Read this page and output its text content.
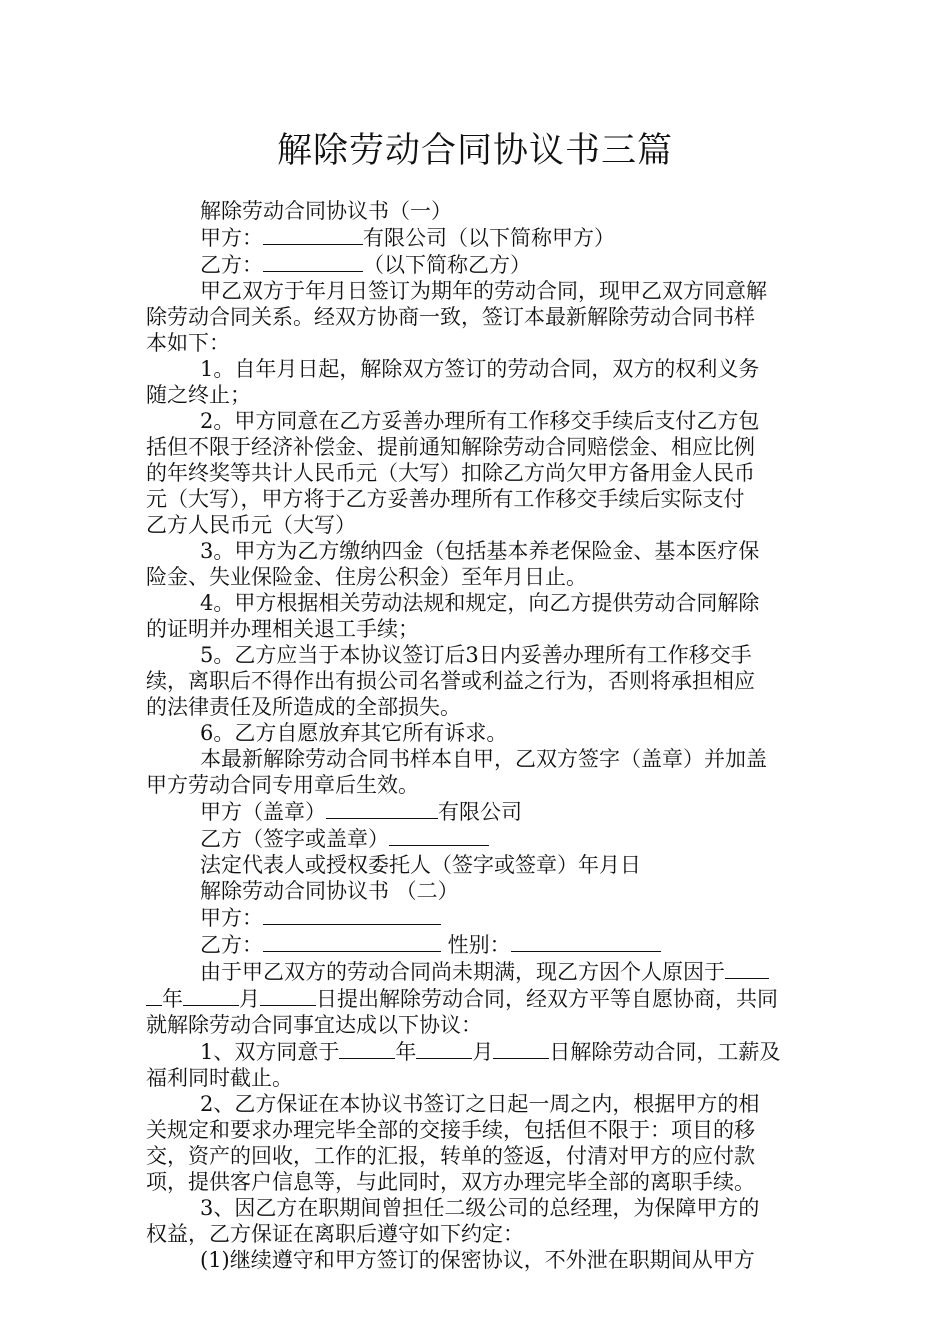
解除劳动合同协议书三篇

解除劳动合同协议书（一）

甲方：	有限公司（以下简称甲方）

乙方：	（以下简称乙方）

甲乙双方于年月日签订为期年的劳动合同，现甲乙双方同意解

除劳动合同关系。经双方协商一致，签订本最新解除劳动合同书样

本如下：

1。自年月日起，解除双方签订的劳动合同，双方的权利义务

随之终止；

2。甲方同意在乙方妥善办理所有工作移交手续后支付乙方包

括但不限于经济补偿金、提前通知解除劳动合同赔偿金、相应比例

的年终奖等共计人民币元（大写）扣除乙方尚欠甲方备用金人民币

元（大写），甲方将于乙方妥善办理所有工作移交手续后实际支付

乙方人民币元（大写）

3。甲方为乙方缴纳四金（包括基本养老保险金、基本医疗保

险金、失业保险金、住房公积金）至年月日止。

4。甲方根据相关劳动法规和规定，向乙方提供劳动合同解除

的证明并办理相关退工手续；

5。乙方应当于本协议签订后3日内妥善办理所有工作移交手

续，离职后不得作出有损公司名誉或利益之行为，否则将承担相应

的法律责任及所造成的全部损失。

6。乙方自愿放弃其它所有诉求。

本最新解除劳动合同书样本自甲，乙双方签字（盖章）并加盖

甲方劳动合同专用章后生效。

甲方（盖章）	有限公司

乙方（签字或盖章）

法定代表人或授权委托人（签字或签章）年月日

解除劳动合同协议书 （二）

甲方：

乙方：	性别：

由于甲乙双方的劳动合同尚未期满，现乙方因个人原因于

年	月	日提出解除劳动合同，经双方平等自愿协商，共同

就解除劳动合同事宜达成以下协议：

1、双方同意于	年	月	日解除劳动合同，工薪及

福利同时截止。

2、乙方保证在本协议书签订之日起一周之内，根据甲方的相

关规定和要求办理完毕全部的交接手续，包括但不限于：项目的移

交，资产的回收，工作的汇报，转单的签返，付清对甲方的应付款

项，提供客户信息等，与此同时，双方办理完毕全部的离职手续。

3、因乙方在职期间曾担任二级公司的总经理，为保障甲方的

权益，乙方保证在离职后遵守如下约定：

(1)继续遵守和甲方签订的保密协议，不外泄在职期间从甲方
